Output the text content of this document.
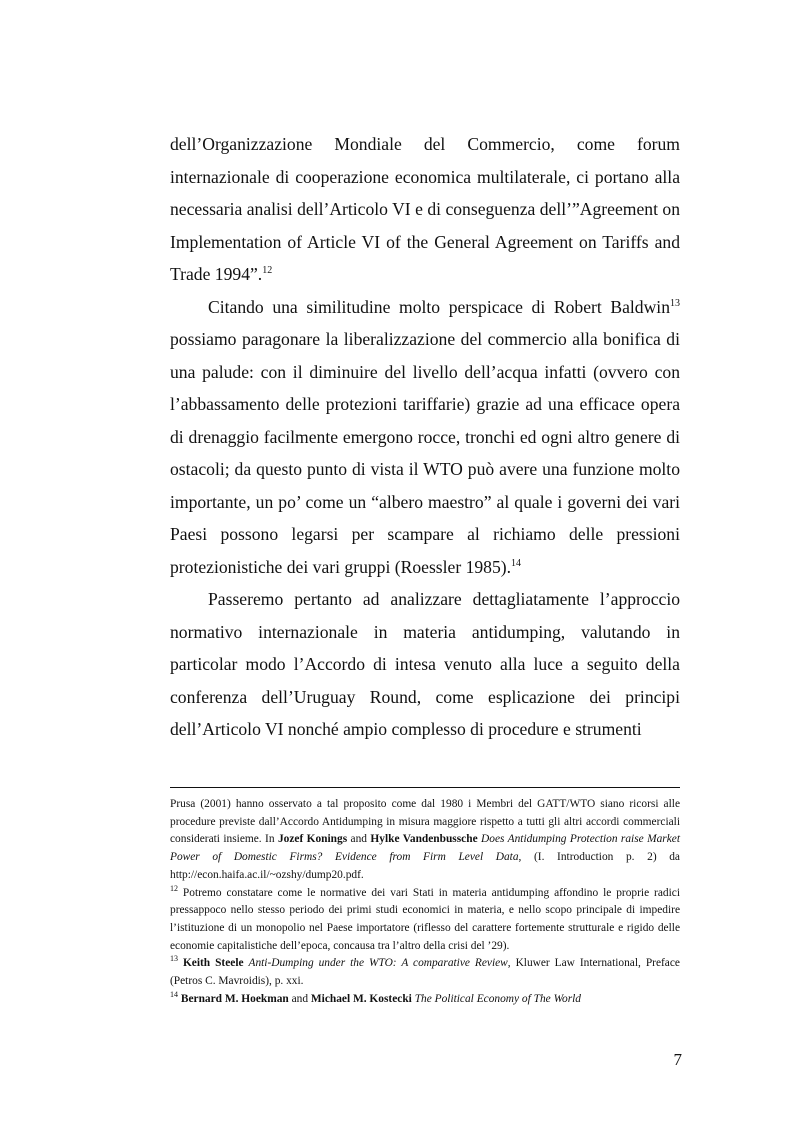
dell’Organizzazione Mondiale del Commercio, come forum internazionale di cooperazione economica multilaterale, ci portano alla necessaria analisi dell’Articolo VI e di conseguenza dell’”Agreement on Implementation of Article VI of the General Agreement on Tariffs and Trade 1994”.$^{12}$

Citando una similitudine molto perspicace di Robert Baldwin$^{13}$ possiamo paragonare la liberalizzazione del commercio alla bonifica di una palude: con il diminuire del livello dell’acqua infatti (ovvero con l’abbassamento delle protezioni tariffarie) grazie ad una efficace opera di drenaggio facilmente emergono rocce, tronchi ed ogni altro genere di ostacoli; da questo punto di vista il WTO può avere una funzione molto importante, un po’ come un “albero maestro” al quale i governi dei vari Paesi possono legarsi per scampare al richiamo delle pressioni protezionistiche dei vari gruppi (Roessler 1985).$^{14}$

Passeremo pertanto ad analizzare dettagliatamente l’approccio normativo internazionale in materia antidumping, valutando in particolar modo l’Accordo di intesa venuto alla luce a seguito della conferenza dell’Uruguay Round, come esplicazione dei principi dell’Articolo VI nonché ampio complesso di procedure e strumenti

Prusa (2001) hanno osservato a tal proposito come dal 1980 i Membri del GATT/WTO siano ricorsi alle procedure previste dall’Accordo Antidumping in misura maggiore rispetto a tutti gli altri accordi commerciali considerati insieme. In Jozef Konings and Hylke Vandenbussche Does Antidumping Protection raise Market Power of Domestic Firms? Evidence from Firm Level Data, (I. Introduction p. 2) da http://econ.haifa.ac.il/~ozshy/dump20.pdf.

$^{12}$ Potremo constatare come le normative dei vari Stati in materia antidumping affondino le proprie radici pressappoco nello stesso periodo dei primi studi economici in materia, e nello scopo principale di impedire l’istituzione di un monopolio nel Paese importatore (riflesso del carattere fortemente strutturale e rigido delle economie capitalistiche dell’epoca, concausa tra l’altro della crisi del ’29).

$^{13}$ Keith Steele Anti-Dumping under the WTO: A comparative Review, Kluwer Law International, Preface (Petros C. Mavroidis), p. xxi.

$^{14}$ Bernard M. Hoekman and Michael M. Kostecki The Political Economy of The World

7
